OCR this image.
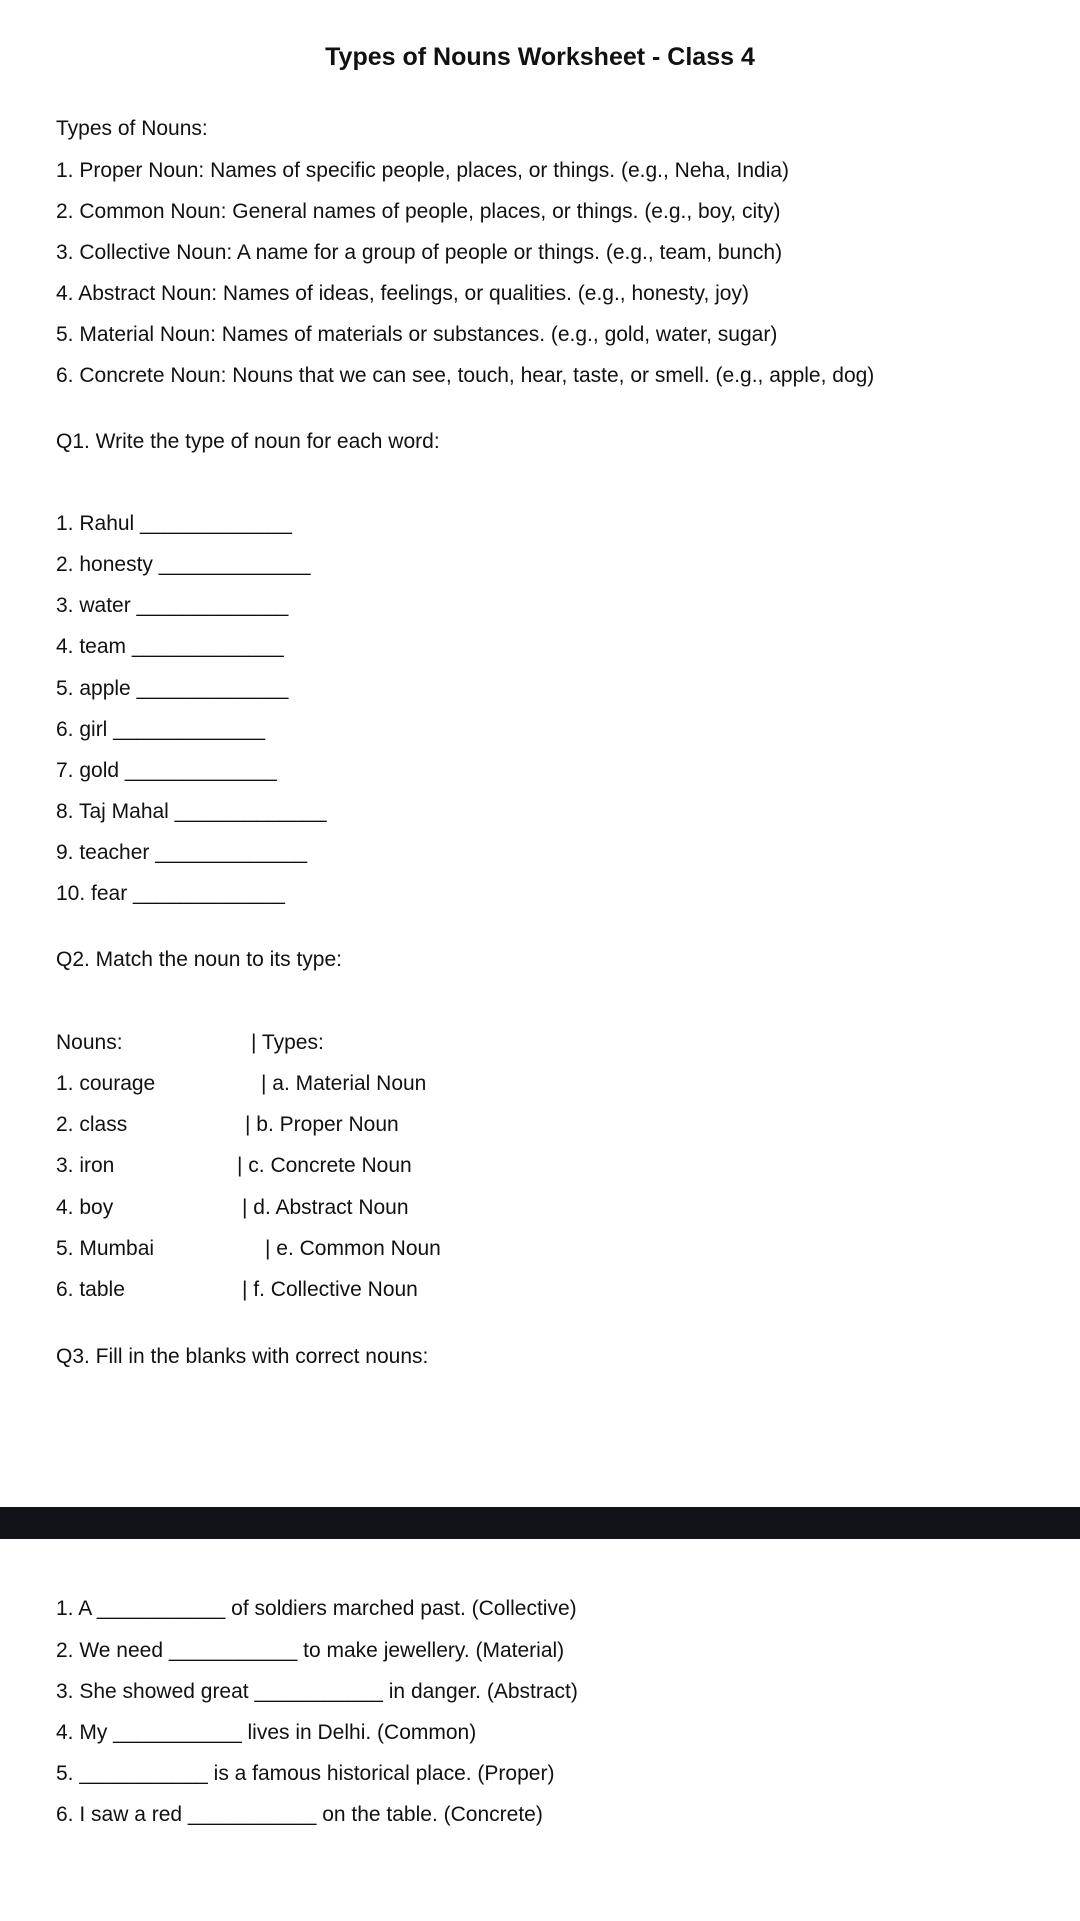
Types of Nouns Worksheet - Class 4
Types of Nouns:
1. Proper Noun: Names of specific people, places, or things. (e.g., Neha, India)
2. Common Noun: General names of people, places, or things. (e.g., boy, city)
3. Collective Noun: A name for a group of people or things. (e.g., team, bunch)
4. Abstract Noun: Names of ideas, feelings, or qualities. (e.g., honesty, joy)
5. Material Noun: Names of materials or substances. (e.g., gold, water, sugar)
6. Concrete Noun: Nouns that we can see, touch, hear, taste, or smell. (e.g., apple, dog)
Q1. Write the type of noun for each word:
1. Rahul _____________
2. honesty _____________
3. water _____________
4. team _____________
5. apple _____________
6. girl _____________
7. gold _____________
8. Taj Mahal _____________
9. teacher _____________
10. fear _____________
Q2. Match the noun to its type:
Nouns:
1. courage
2. class
3. iron
4. boy
5. Mumbai
6. table
| Types:
| a. Material Noun
| b. Proper Noun
| c. Concrete Noun
| d. Abstract Noun
| e. Common Noun
| f. Collective Noun
Q3. Fill in the blanks with correct nouns:
1. A ___________ of soldiers marched past. (Collective)
2. We need ___________ to make jewellery. (Material)
3. She showed great ___________ in danger. (Abstract)
4. My ___________ lives in Delhi. (Common)
5. ___________ is a famous historical place. (Proper)
6. I saw a red ___________ on the table. (Concrete)
